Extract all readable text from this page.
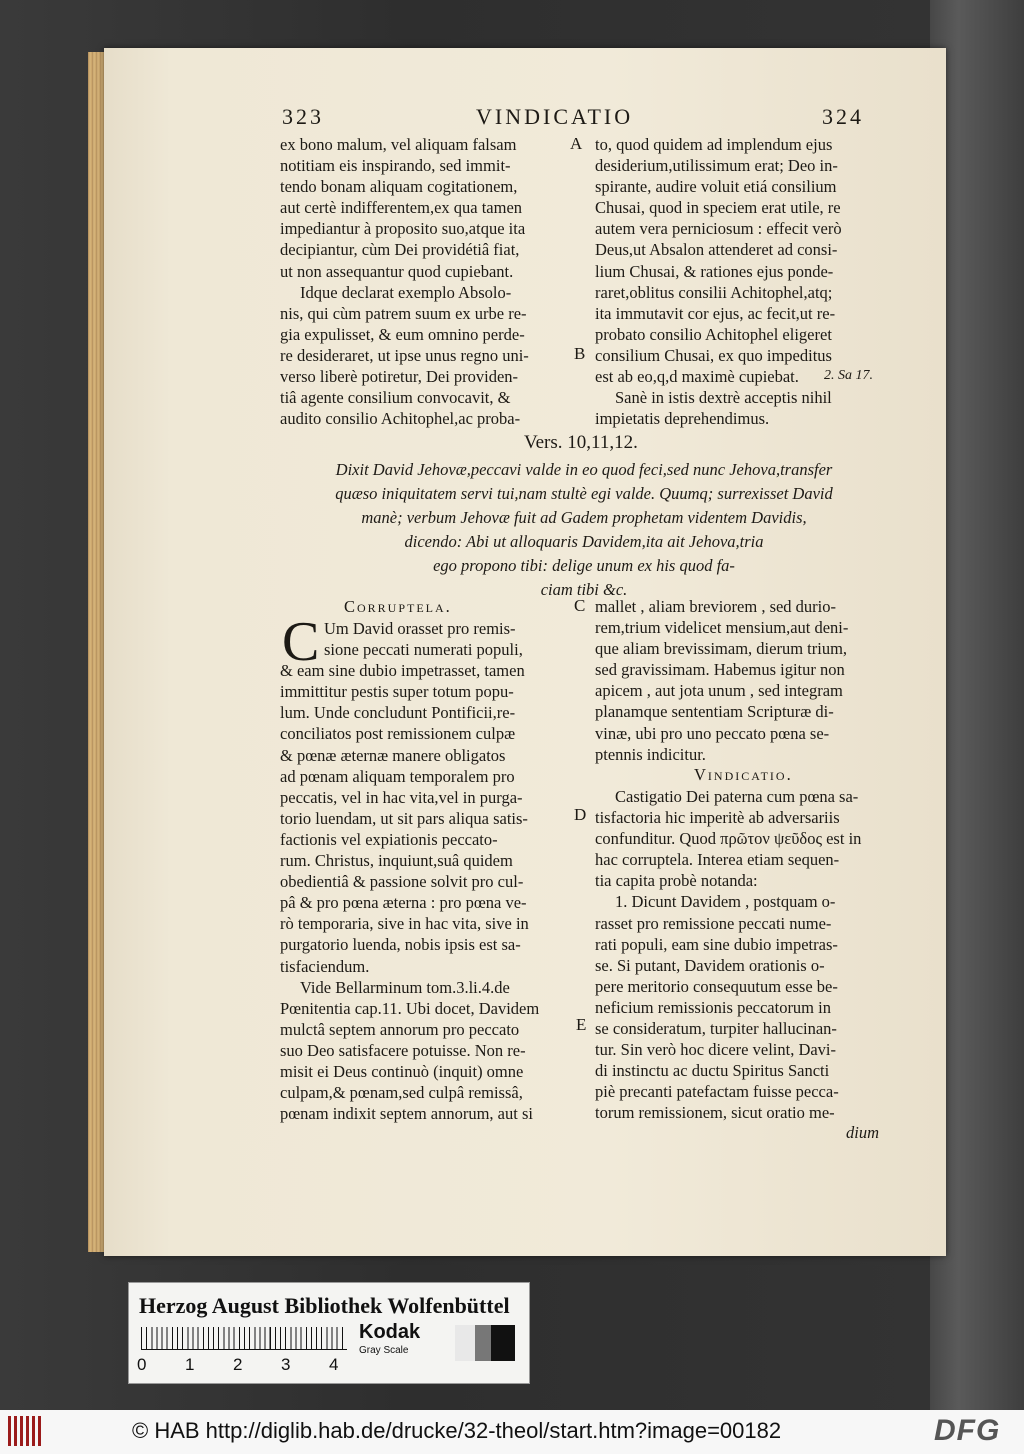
323	VINDICATIO	324
ex bono malum, vel aliquam falsam
notitiam eis inspirando, sed immit-
tendo bonam aliquam cogitationem,
aut certè indifferentem,ex qua tamen
impediantur à proposito suo,atque ita
decipiantur, cùm Dei providétiâ fiat,
ut non assequantur quod cupiebant.
Idque declarat exemplo Absolo-
nis, qui cùm patrem suum ex urbe re-
gia expulisset, & eum omnino perde-
re desideraret, ut ipse unus regno uni-
verso liberè potiretur, Dei providen-
tiâ agente consilium convocavit, &
audito consilio Achitophel,ac proba-
to, quod quidem ad implendum ejus
desiderium,utilissimum erat; Deo in-
spirante, audire voluit etiá consilium
Chusai, quod in speciem erat utile, re
autem vera perniciosum : effecit verò
Deus,ut Absalon attenderet ad consi-
lium Chusai, & rationes ejus ponde-
raret,oblitus consilii Achitophel,atq;
ita immutavit cor ejus, ac fecit,ut re-
probato consilio Achitophel eligeret
consilium Chusai, ex quo impeditus
est ab eo,q,d maximè cupiebat.
Sanè in istis dextrè acceptis nihil
impietatis deprehendimus.
2. Sa 17.
A
B
C
D
E
Vers. 10,11,12.
Dixit David Jehovæ,peccavi valde in eo quod feci,sed nunc Jehova,transfer
quæso iniquitatem servi tui,nam stultè egi valde. Quumq; surrexisset David
manè; verbum Jehovæ fuit ad Gadem prophetam videntem Davidis,
dicendo: Abi ut alloquaris Davidem,ita ait Jehova,tria
ego propono tibi: delige unum ex his quod fa-
ciam tibi &c.
Corruptela.
C Um David orasset pro remis-
sione peccati numerati populi,
& eam sine dubio impetrasset, tamen
immittitur pestis super totum popu-
lum. Unde concludunt Pontificii,re-
conciliatos post remissionem culpæ
& pœnæ æternæ manere obligatos
ad pœnam aliquam temporalem pro
peccatis, vel in hac vita,vel in purga-
torio luendam, ut sit pars aliqua satis-
factionis vel expiationis peccato-
rum. Christus, inquiunt,suâ quidem
obedientiâ & passione solvit pro cul-
pâ & pro pœna æterna : pro pœna ve-
rò temporaria, sive in hac vita, sive in
purgatorio luenda, nobis ipsis est sa-
tisfaciendum.
Vide Bellarminum tom.3.li.4.de
Pœnitentia cap.11. Ubi docet, Davidem
mulctâ septem annorum pro peccato
suo Deo satisfacere potuisse. Non re-
misit ei Deus continuò (inquit) omne
culpam,& pœnam,sed culpâ remissâ,
pœnam indixit septem annorum, aut si
mallet , aliam breviorem , sed durio-
rem,trium videlicet mensium,aut deni-
que aliam brevissimam, dierum trium,
sed gravissimam. Habemus igitur non
apicem , aut jota unum , sed integram
planamque sententiam Scripturæ di-
vinæ, ubi pro uno peccato pœna se-
ptennis indicitur.
Vindicatio.
Castigatio Dei paterna cum pœna sa-
tisfactoria hic imperitè ab adversariis
confunditur. Quod πρῶτον ψεῦδος est in
hac corruptela. Interea etiam sequen-
tia capita probè notanda:
1. Dicunt Davidem , postquam o-
rasset pro remissione peccati nume-
rati populi, eam sine dubio impetras-
se. Si putant, Davidem orationis o-
pere meritorio consequutum esse be-
neficium remissionis peccatorum in
se consideratum, turpiter hallucinan-
tur. Sin verò hoc dicere velint, Davi-
di instinctu ac ductu Spiritus Sancti
piè precanti patefactam fuisse pecca-
torum remissionem, sicut oratio me-
dium
Herzog August Bibliothek Wolfenbüttel
0 1 2 3 4
Kodak
Gray Scale
© HAB http://diglib.hab.de/drucke/32-theol/start.htm?image=00182	DFG
